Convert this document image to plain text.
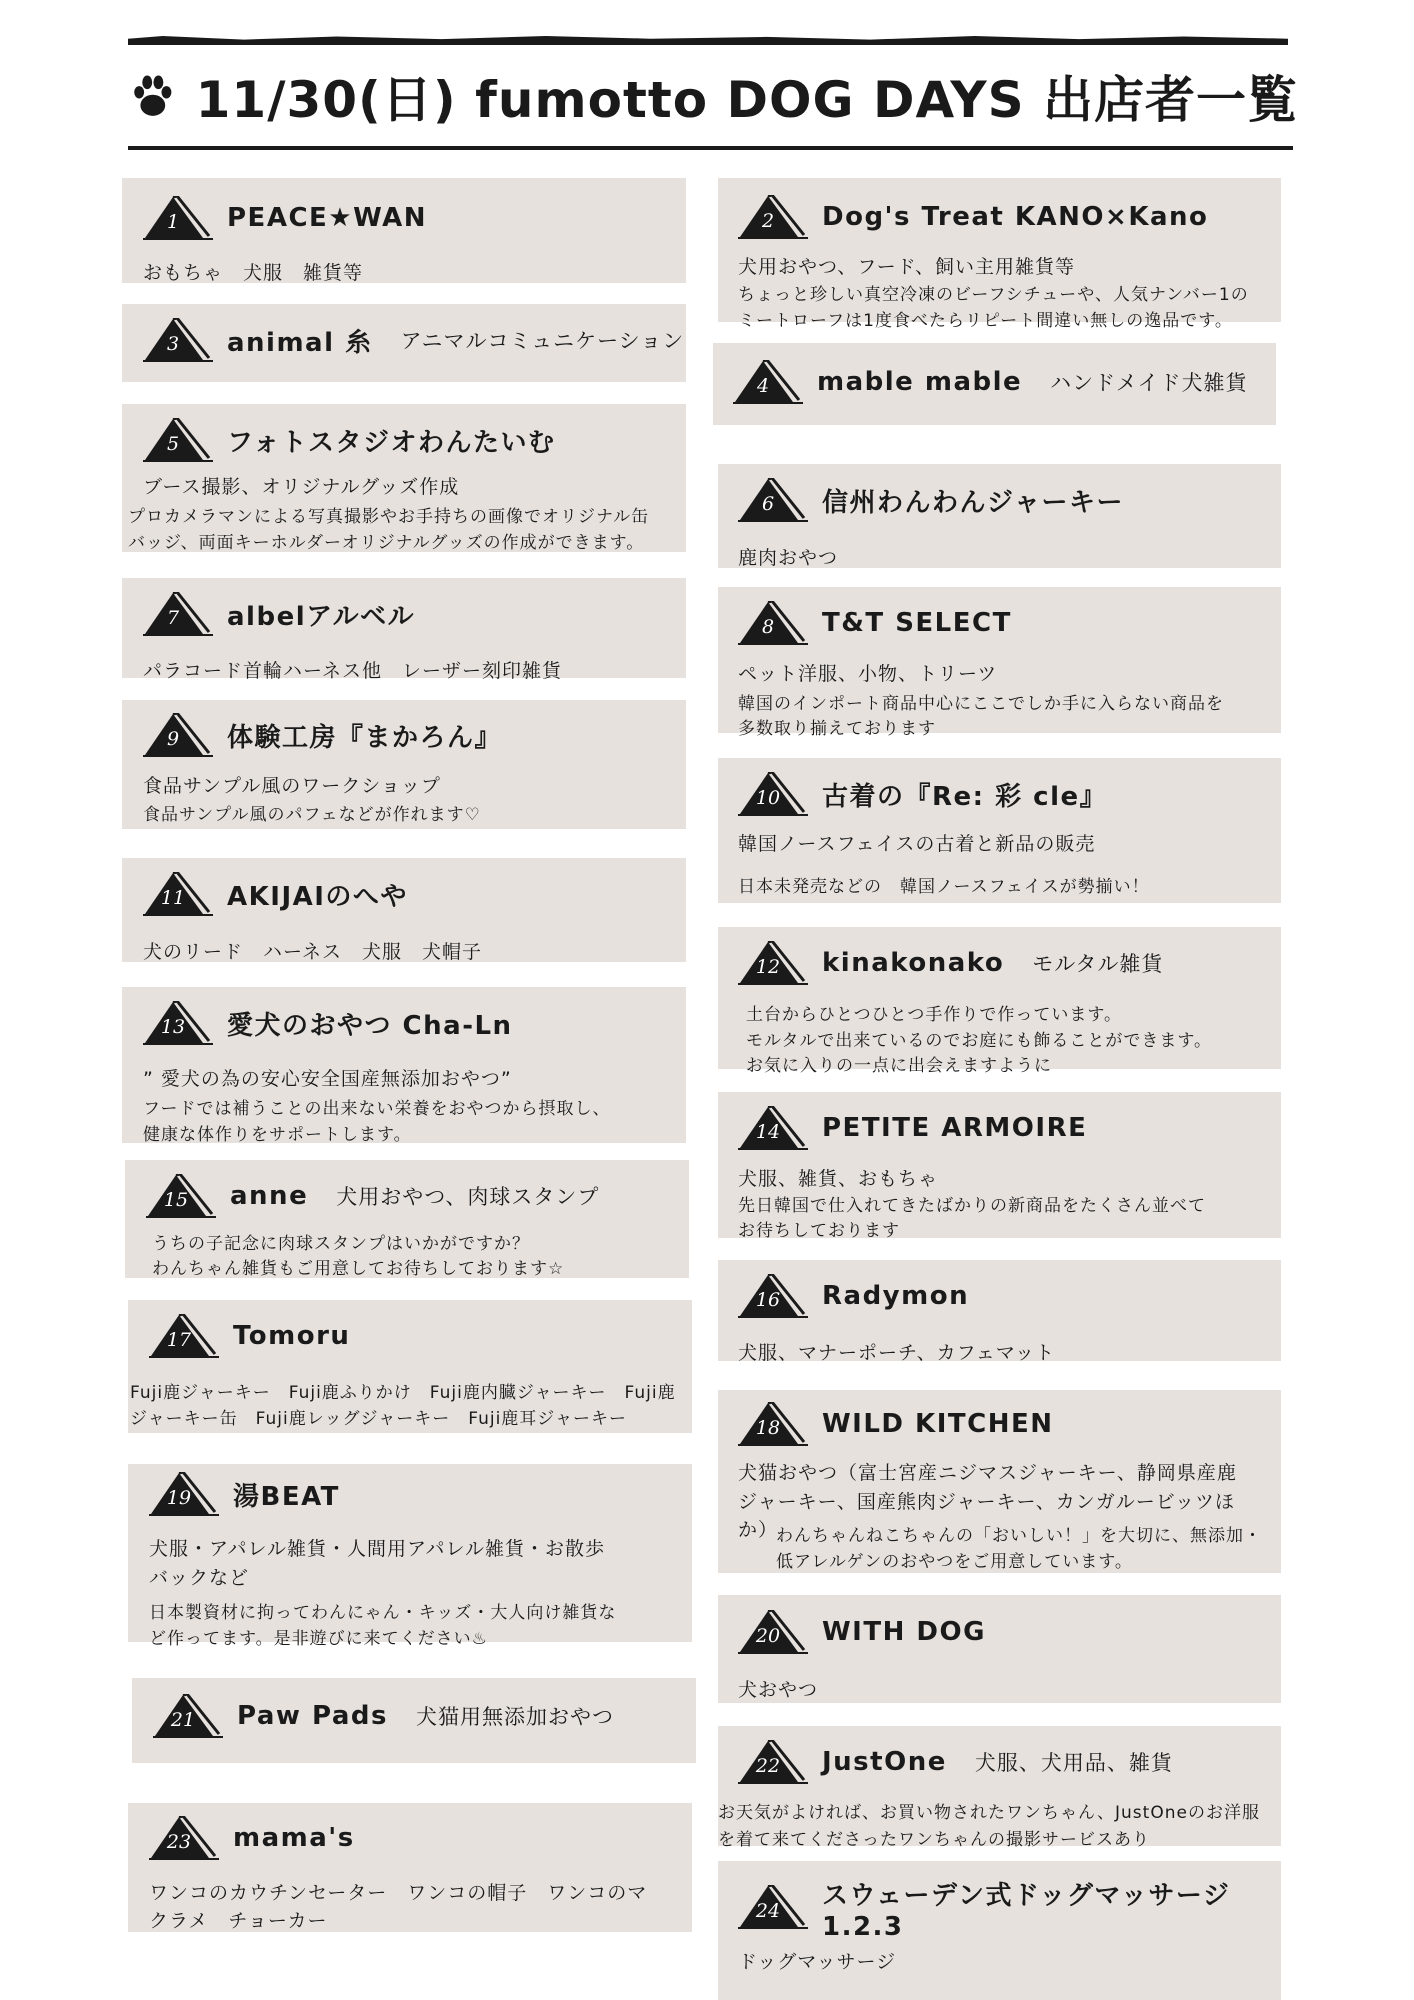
11/30(日) fumotto DOG DAYS 出店者一覧
1	PEACE★WAN
おもちゃ　犬服　雑貨等
2	Dog's Treat KANO×Kano
犬用おやつ、フード、飼い主用雑貨等
ちょっと珍しい真空冷凍のビーフシチューや、人気ナンバー1の
ミートローフは1度食べたらリピート間違い無しの逸品です。
3	animal 糸 アニマルコミュニケーション
4	mable mable ハンドメイド犬雑貨
5	フォトスタジオわんたいむ
ブース撮影、オリジナルグッズ作成
プロカメラマンによる写真撮影やお手持ちの画像でオリジナル缶
バッジ、両面キーホルダーオリジナルグッズの作成ができます。
6	信州わんわんジャーキー
鹿肉おやつ
7	albelアルベル
パラコード首輪ハーネス他　レーザー刻印雑貨
8	T&T SELECT
ペット洋服、小物、トリーツ
韓国のインポート商品中心にここでしか手に入らない商品を
多数取り揃えております
9	体験工房『まかろん』
食品サンプル風のワークショップ
食品サンプル風のパフェなどが作れます♡
10	古着の『Re: 彩 cle』
韓国ノースフェイスの古着と新品の販売
日本未発売などの　韓国ノースフェイスが勢揃い！
11	AKIJAIのへや
犬のリード　ハーネス　犬服　犬帽子
12	kinakonako モルタル雑貨
土台からひとつひとつ手作りで作っています。
モルタルで出来ているのでお庭にも飾ることができます。
お気に入りの一点に出会えますように
13	愛犬のおやつ Cha-Ln
” 愛犬の為の安心安全国産無添加おやつ”
フードでは補うことの出来ない栄養をおやつから摂取し、
健康な体作りをサポートします。	14	PETITE ARMOIRE
犬服、雑貨、おもちゃ
先日韓国で仕入れてきたばかりの新商品をたくさん並べて
お待ちしております
15	anne 犬用おやつ、肉球スタンプ
うちの子記念に肉球スタンプはいかがですか？
わんちゃん雑貨もご用意してお待ちしております☆
16	Radymon
犬服、マナーポーチ、カフェマット
17	Tomoru
Fuji鹿ジャーキー　Fuji鹿ふりかけ　Fuji鹿内臓ジャーキー　Fuji鹿
ジャーキー缶　Fuji鹿レッグジャーキー　Fuji鹿耳ジャーキー	18	WILD KITCHEN
犬猫おやつ（富士宮産ニジマスジャーキー、静岡県産鹿
ジャーキー、国産熊肉ジャーキー、カンガルービッツほ
か）
わんちゃんねこちゃんの「おいしい！」を大切に、無添加・
低アレルゲンのおやつをご用意しています。
19	湯BEAT
犬服・アパレル雑貨・人間用アパレル雑貨・お散歩
バックなど
日本製資材に拘ってわんにゃん・キッズ・大人向け雑貨な
ど作ってます。是非遊びに来てください♨	20	WITH DOG
犬おやつ
21	Paw Pads 犬猫用無添加おやつ
22	JustOne 犬服、犬用品、雑貨
お天気がよければ、お買い物されたワンちゃん、JustOneのお洋服
を着て来てくださったワンちゃんの撮影サービスあり
23	mama's
ワンコのカウチンセーター　ワンコの帽子　ワンコのマ
クラメ　チョーカー	24	スウェーデン式ドッグマッサージ
1.2.3
ドッグマッサージ
